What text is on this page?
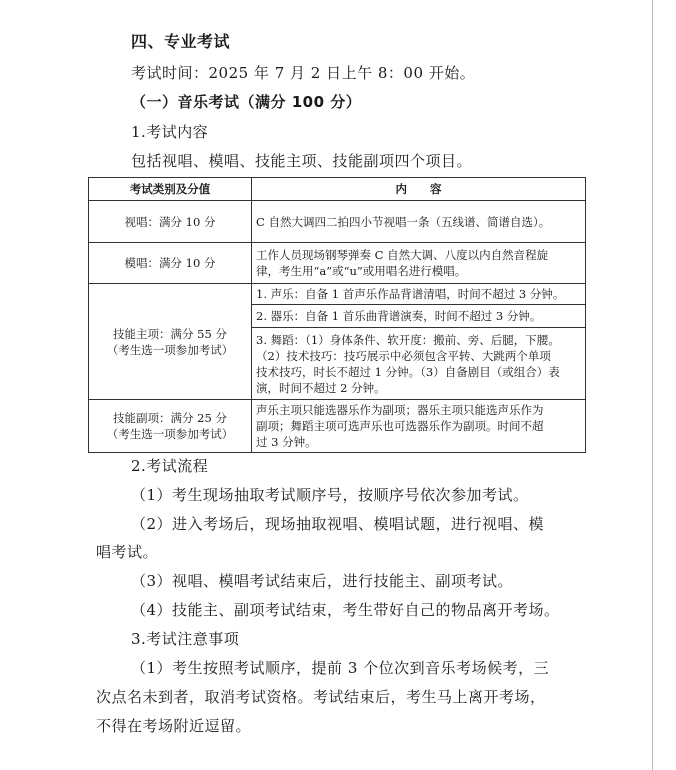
四、专业考试
考试时间：2025 年 7 月 2 日上午 8：00 开始。
（一）音乐考试（满分 100 分）
1.考试内容
包括视唱、模唱、技能主项、技能副项四个项目。
考试类别及分值	内　　容
视唱：满分 10 分	C 自然大调四二拍四小节视唱一条（五线谱、简谱自选）。
模唱：满分 10 分	工作人员现场钢琴弹奏 C 自然大调、八度以内自然音程旋
律，考生用“a”或“u”或用唱名进行模唱。
技能主项：满分 55 分
（考生选一项参加考试）	1. 声乐：自备 1 首声乐作品背谱清唱，时间不超过 3 分钟。
	2. 器乐：自备 1 首乐曲背谱演奏，时间不超过 3 分钟。
	3. 舞蹈：（1）身体条件、软开度：搬前、旁、后腿，下腰。
（2）技术技巧：技巧展示中必须包含平转、大跳两个单项
技术技巧，时长不超过 1 分钟。（3）自备剧目（或组合）表
演，时间不超过 2 分钟。
技能副项：满分 25 分
（考生选一项参加考试）	声乐主项只能选器乐作为副项；器乐主项只能选声乐作为
副项；舞蹈主项可选声乐也可选器乐作为副项。时间不超
过 3 分钟。
2.考试流程
（1）考生现场抽取考试顺序号，按顺序号依次参加考试。
（2）进入考场后，现场抽取视唱、模唱试题，进行视唱、模
唱考试。
（3）视唱、模唱考试结束后，进行技能主、副项考试。
（4）技能主、副项考试结束，考生带好自己的物品离开考场。
3.考试注意事项
（1）考生按照考试顺序，提前 3 个位次到音乐考场候考，三
次点名未到者，取消考试资格。考试结束后，考生马上离开考场，
不得在考场附近逗留。
